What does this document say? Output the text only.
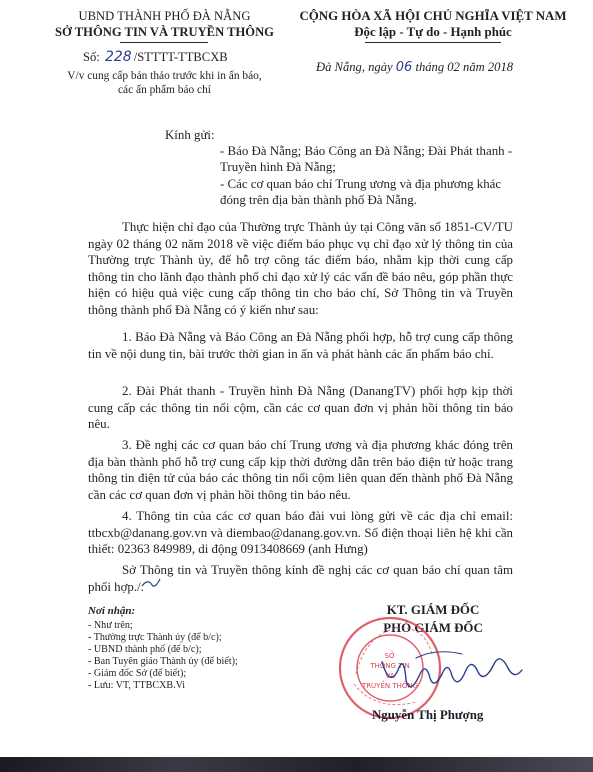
UBND THÀNH PHỐ ĐÀ NẴNG
SỞ THÔNG TIN VÀ TRUYỀN THÔNG
Số: 228 /STTTT-TTBCXB
V/v cung cấp bản thảo trước khi in ấn báo,
các ấn phẩm báo chí
CỘNG HÒA XÃ HỘI CHỦ NGHĨA VIỆT NAM
Độc lập - Tự do - Hạnh phúc
Đà Nẵng, ngày 06 tháng 02 năm 2018
Kính gửi:
- Báo Đà Nẵng; Báo Công an Đà Nẵng; Đài Phát thanh -
Truyền hình Đà Nẵng;
- Các cơ quan báo chí Trung ương và địa phương khác
đóng trên địa bàn thành phố Đà Nẵng.
Thực hiện chỉ đạo của Thường trực Thành ủy tại Công văn số 1851-CV/TU ngày 02 tháng 02 năm 2018 về việc điểm báo phục vụ chỉ đạo xử lý thông tin của Thường trực Thành ủy, để hỗ trợ công tác điểm báo, nhằm kịp thời cung cấp thông tin cho lãnh đạo thành phố chỉ đạo xử lý các vấn đề báo nêu, góp phần thực hiện có hiệu quả việc cung cấp thông tin cho báo chí, Sở Thông tin và Truyền thông thành phố Đà Nẵng có ý kiến như sau:
1. Báo Đà Nẵng và Báo Công an Đà Nẵng phối hợp, hỗ trợ cung cấp thông tin về nội dung tin, bài trước thời gian in ấn và phát hành các ấn phẩm báo chí.
2. Đài Phát thanh - Truyền hình Đà Nẵng (DanangTV) phối hợp kịp thời cung cấp các thông tin nổi cộm, cần các cơ quan đơn vị phản hồi thông tin báo nêu.
3. Đề nghị các cơ quan báo chí Trung ương và địa phương khác đóng trên địa bàn thành phố hỗ trợ cung cấp kịp thời đường dẫn trên báo điện tử hoặc trang thông tin điện tử của báo các thông tin nổi cộm liên quan đến thành phố Đà Nẵng cần các cơ quan đơn vị phản hồi thông tin báo nêu.
4. Thông tin của các cơ quan báo đài vui lòng gửi về các địa chỉ email: ttbcxb@danang.gov.vn và diembao@danang.gov.vn. Số điện thoại liên hệ khi cần thiết: 02363 849989, di động 0913408669 (anh Hưng)
Sở Thông tin và Truyền thông kính đề nghị các cơ quan báo chí quan tâm phối hợp./.
Nơi nhận:
- Như trên;
- Thường trực Thành ủy (để b/c);
- UBND thành phố (để b/c);
- Ban Tuyên giáo Thành ủy (để biết);
- Giám đốc Sở (để biết);
- Lưu: VT, TTBCXB.Vi
KT. GIÁM ĐỐC
PHÓ GIÁM ĐỐC
SỞ
THÔNG TIN
VÀ
TRUYỀN THÔNG
Nguyễn Thị Phượng
